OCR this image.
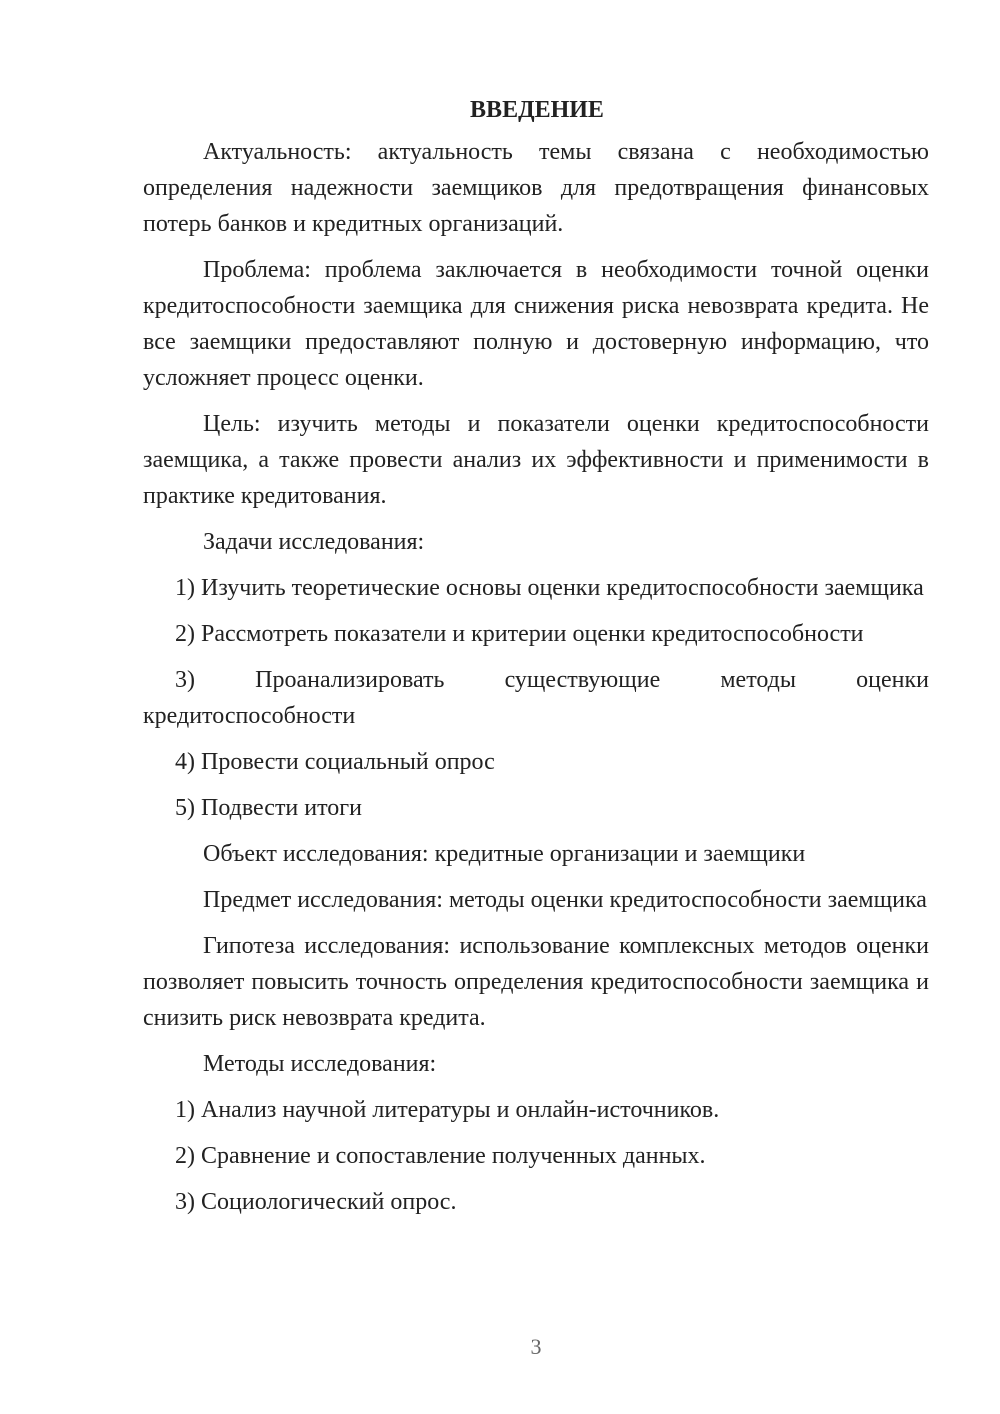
ВВЕДЕНИЕ

Актуальность: актуальность темы связана с необходимостью определения надежности заемщиков для предотвращения финансовых потерь банков и кредитных организаций.

Проблема: проблема заключается в необходимости точной оценки кредитоспособности заемщика для снижения риска невозврата кредита. Не все заемщики предоставляют полную и достоверную информацию, что усложняет процесс оценки.

Цель: изучить методы и показатели оценки кредитоспособности заемщика, а также провести анализ их эффективности и применимости в практике кредитования.

Задачи исследования:

1) Изучить теоретические основы оценки кредитоспособности заемщика

2) Рассмотреть показатели и критерии оценки кредитоспособности

3) Проанализировать существующие методы оценки кредитоспособности

4) Провести социальный опрос

5) Подвести итоги

Объект исследования: кредитные организации и заемщики

Предмет исследования: методы оценки кредитоспособности заемщика

Гипотеза исследования: использование комплексных методов оценки позволяет повысить точность определения кредитоспособности заемщика и снизить риск невозврата кредита.

Методы исследования:

1) Анализ научной литературы и онлайн-источников.

2) Сравнение и сопоставление полученных данных.

3) Социологический опрос.

3
